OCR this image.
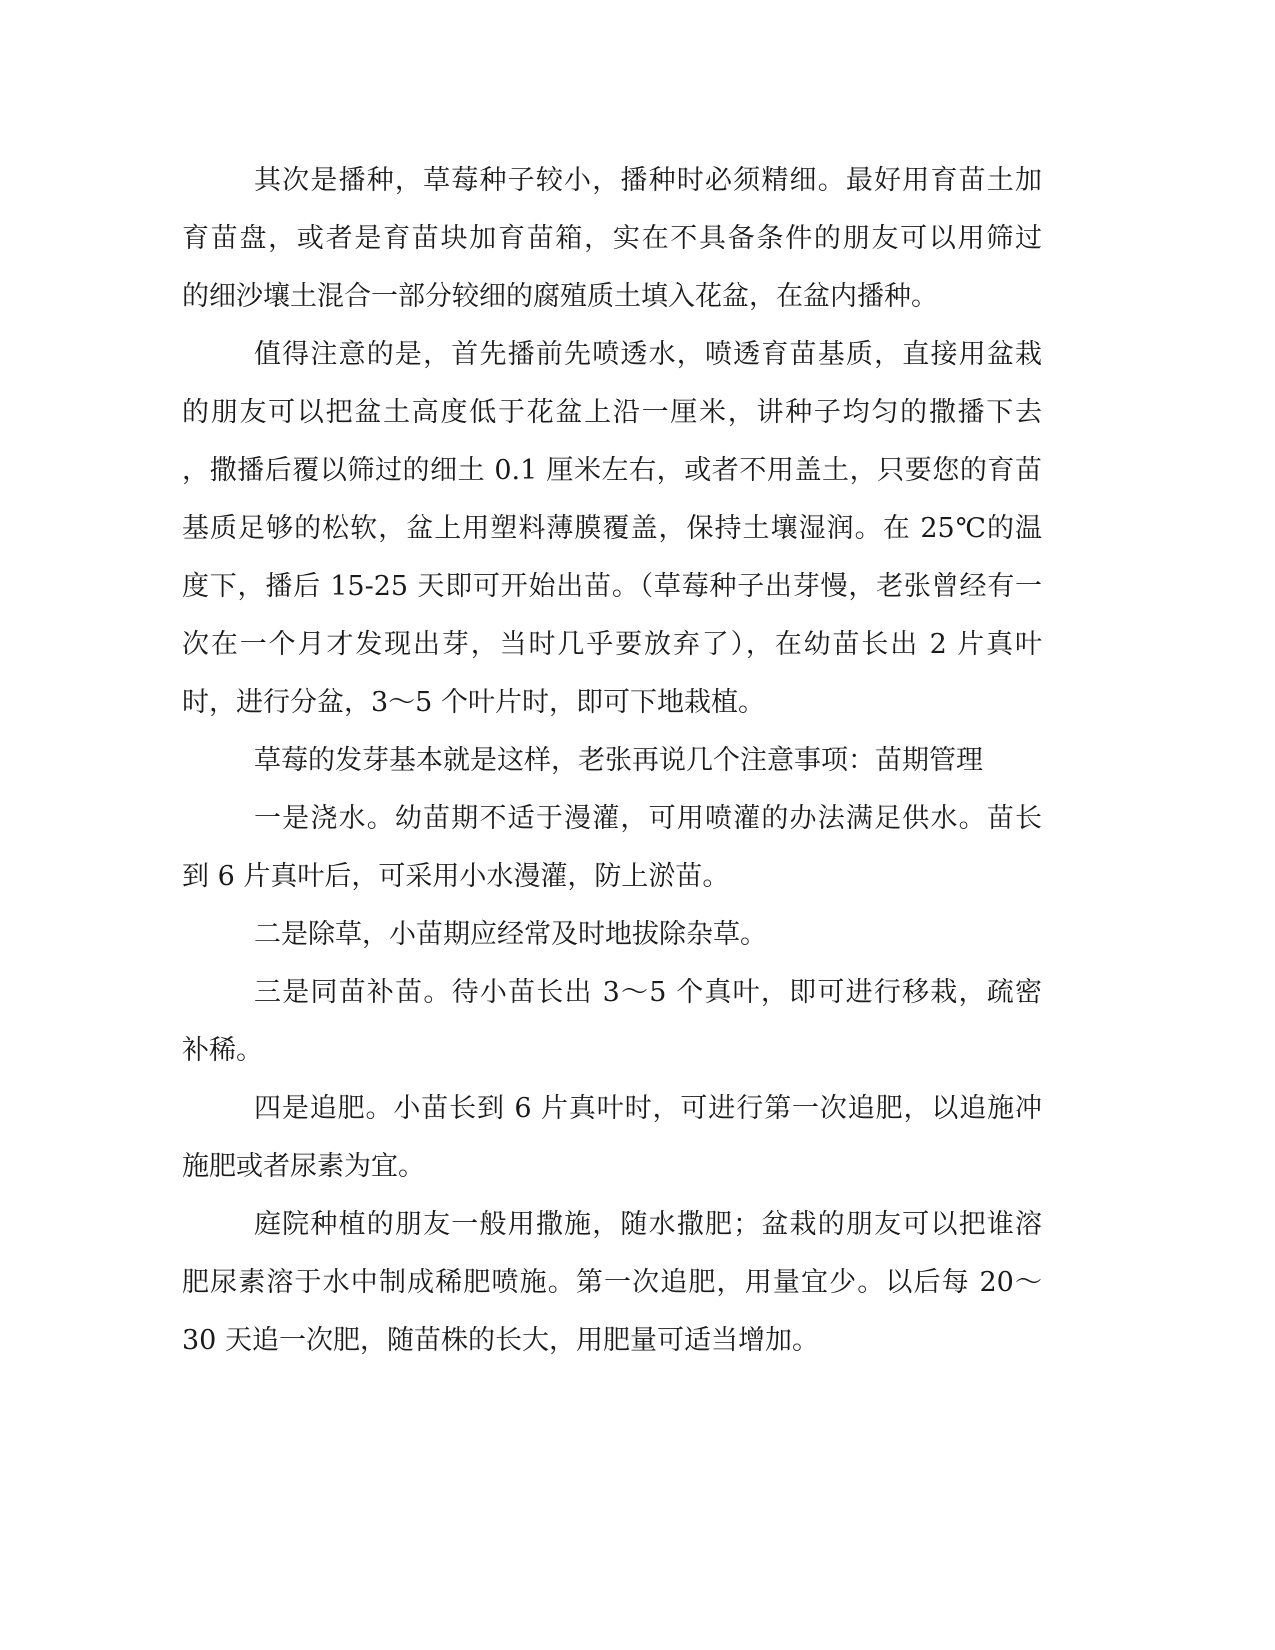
其次是播种，草莓种子较小，播种时必须精细。最好用育苗土加
育苗盘，或者是育苗块加育苗箱，实在不具备条件的朋友可以用筛过
的细沙壤土混合一部分较细的腐殖质土填入花盆，在盆内播种。
值得注意的是，首先播前先喷透水，喷透育苗基质，直接用盆栽
的朋友可以把盆土高度低于花盆上沿一厘米，讲种子均匀的撒播下去
，撒播后覆以筛过的细土 0.1 厘米左右，或者不用盖土，只要您的育苗
基质足够的松软，盆上用塑料薄膜覆盖，保持土壤湿润。在 25℃的温
度下，播后 15-25 天即可开始出苗。（草莓种子出芽慢，老张曾经有一
次在一个月才发现出芽，当时几乎要放弃了），在幼苗长出 2 片真叶
时，进行分盆，3～5 个叶片时，即可下地栽植。
草莓的发芽基本就是这样，老张再说几个注意事项：苗期管理
一是浇水。幼苗期不适于漫灌，可用喷灌的办法满足供水。苗长
到 6 片真叶后，可采用小水漫灌，防上淤苗。
二是除草，小苗期应经常及时地拔除杂草。
三是同苗补苗。待小苗长出 3～5 个真叶，即可进行移栽，疏密
补稀。
四是追肥。小苗长到 6 片真叶时，可进行第一次追肥，以追施冲
施肥或者尿素为宜。
庭院种植的朋友一般用撒施，随水撒肥；盆栽的朋友可以把谁溶
肥尿素溶于水中制成稀肥喷施。第一次追肥，用量宜少。以后每 20～
30 天追一次肥，随苗株的长大，用肥量可适当增加。
